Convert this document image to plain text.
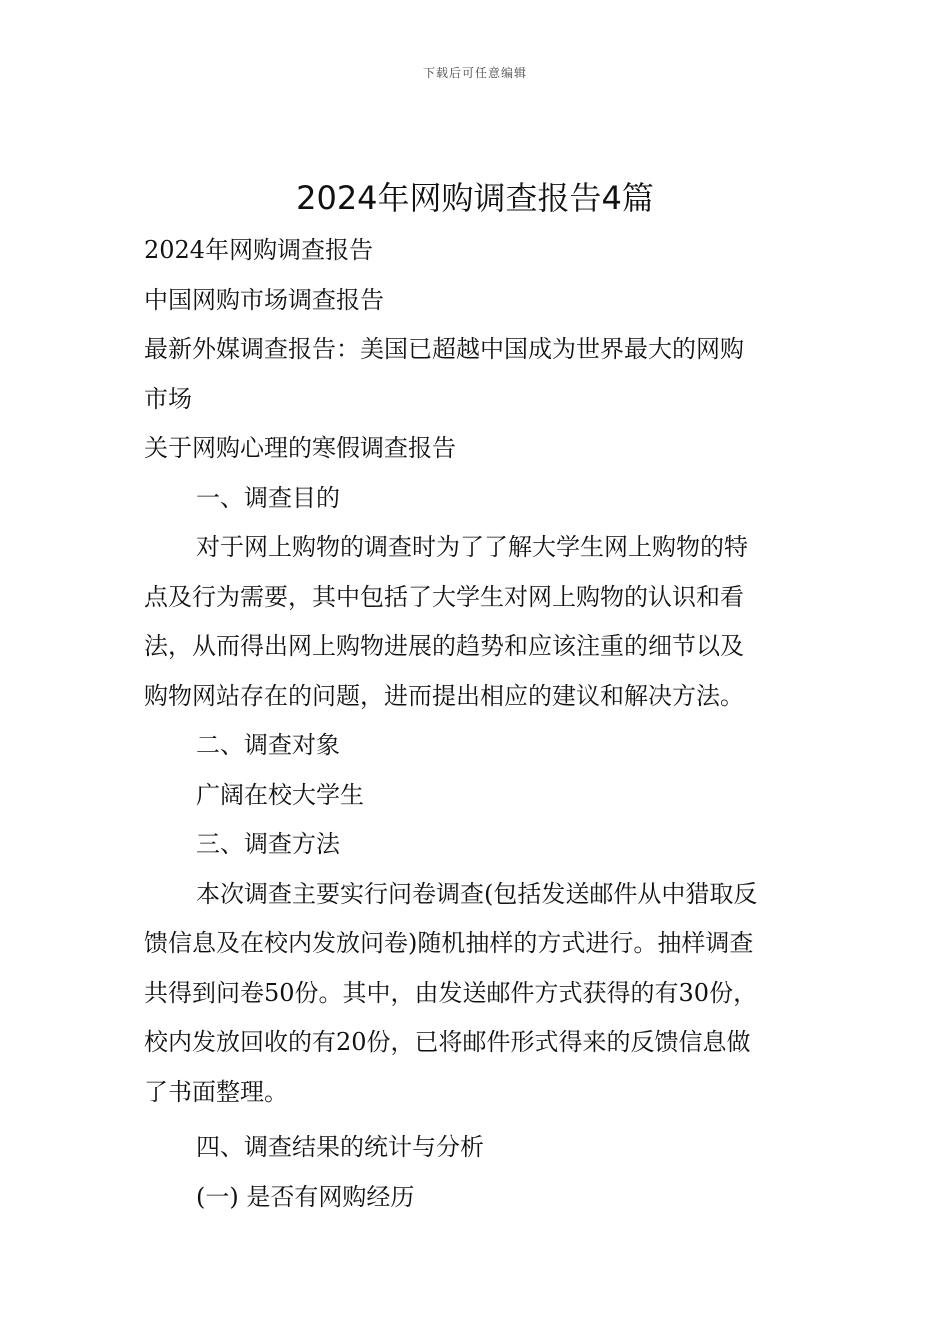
下载后可任意编辑
2024年网购调查报告4篇
2024年网购调查报告
中国网购市场调查报告
最新外媒调查报告：美国已超越中国成为世界最大的网购
市场
关于网购心理的寒假调查报告
一、调查目的
对于网上购物的调查时为了了解大学生网上购物的特
点及行为需要，其中包括了大学生对网上购物的认识和看
法，从而得出网上购物进展的趋势和应该注重的细节以及
购物网站存在的问题，进而提出相应的建议和解决方法。
二、调查对象
广阔在校大学生
三、调查方法
本次调查主要实行问卷调查(包括发送邮件从中猎取反
馈信息及在校内发放问卷)随机抽样的方式进行。抽样调查
共得到问卷50份。其中，由发送邮件方式获得的有30份，
校内发放回收的有20份，已将邮件形式得来的反馈信息做
了书面整理。
四、调查结果的统计与分析
(一) 是否有网购经历
